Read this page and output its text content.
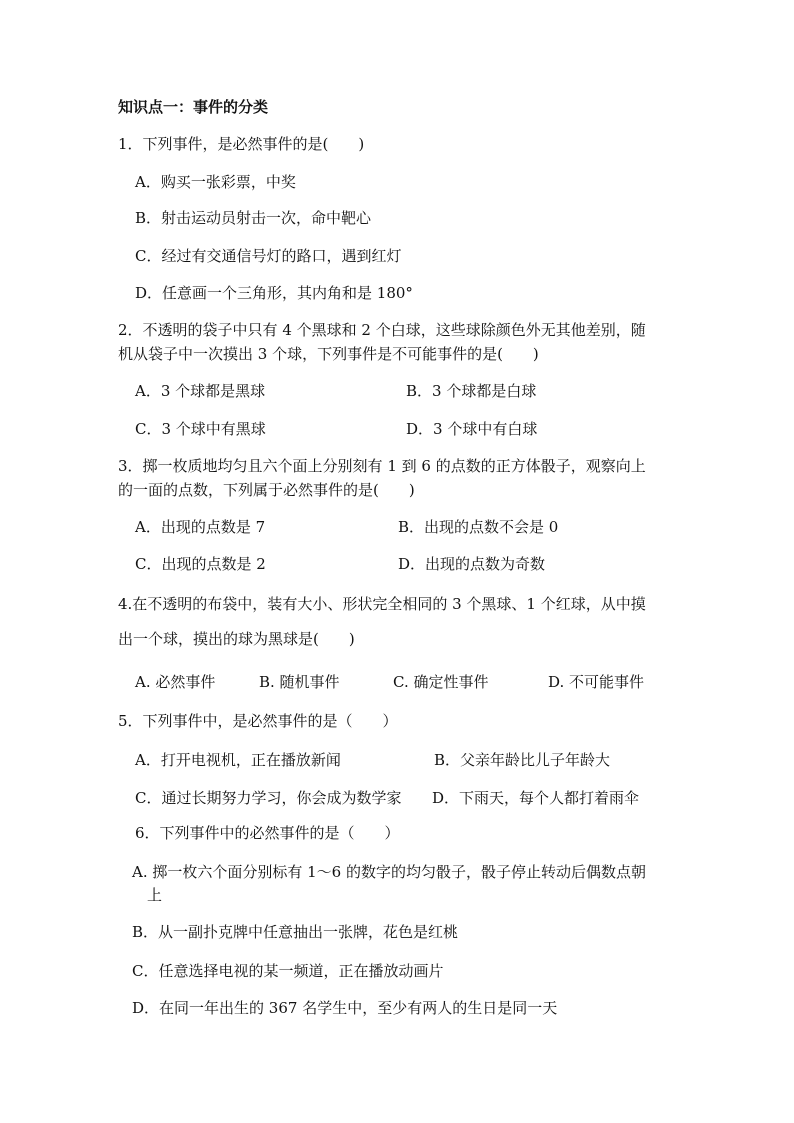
知识点一：事件的分类
1．下列事件，是必然事件的是(　　)
A．购买一张彩票，中奖
B．射击运动员射击一次，命中靶心
C．经过有交通信号灯的路口，遇到红灯
D．任意画一个三角形，其内角和是 180°
2．不透明的袋子中只有 4 个黑球和 2 个白球，这些球除颜色外无其他差别，随
机从袋子中一次摸出 3 个球，下列事件是不可能事件的是(　　)
A．3 个球都是黑球	B．3 个球都是白球
C．3 个球中有黑球	D．3 个球中有白球
3．掷一枚质地均匀且六个面上分别刻有 1 到 6 的点数的正方体骰子，观察向上
的一面的点数，下列属于必然事件的是(　　)
A．出现的点数是 7	B．出现的点数不会是 0
C．出现的点数是 2	D．出现的点数为奇数
4.在不透明的布袋中，装有大小、形状完全相同的 3 个黑球、1 个红球，从中摸
出一个球，摸出的球为黑球是(　　)
A. 必然事件	B. 随机事件	C. 确定性事件	D. 不可能事件
5．下列事件中，是必然事件的是（　　）
A．打开电视机，正在播放新闻	B．父亲年龄比儿子年龄大
C．通过长期努力学习，你会成为数学家 D．下雨天，每个人都打着雨伞
6．下列事件中的必然事件的是（　　）
A. 掷一枚六个面分别标有 1～6 的数字的均匀骰子，骰子停止转动后偶数点朝
上
B．从一副扑克牌中任意抽出一张牌，花色是红桃
C．任意选择电视的某一频道，正在播放动画片
D．在同一年出生的 367 名学生中，至少有两人的生日是同一天
